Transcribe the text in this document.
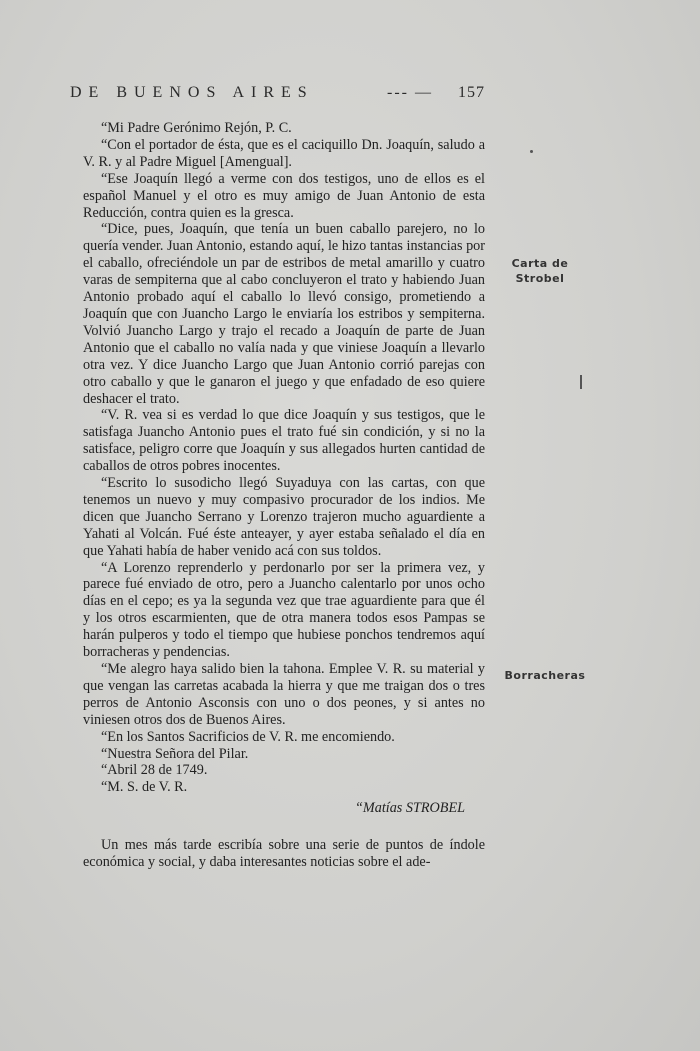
DE BUENOS AIRES	--- — 157

“Mi Padre Gerónimo Rejón, P. C.

“Con el portador de ésta, que es el caciquillo Dn. Joaquín, saludo a V. R. y al Padre Miguel [Amengual].

“Ese Joaquín llegó a verme con dos testigos, uno de ellos es el español Manuel y el otro es muy amigo de Juan Antonio de esta Reducción, contra quien es la gresca.

“Dice, pues, Joaquín, que tenía un buen caballo parejero, no lo quería vender. Juan Antonio, estando aquí, le hizo tantas instancias por el caballo, ofreciéndole un par de estribos de metal amarillo y cuatro varas de sempiterna que al cabo concluyeron el trato y habiendo Juan Antonio probado aquí el caballo lo llevó consigo, prometiendo a Joaquín que con Juancho Largo le enviaría los estribos y sempiterna. Volvió Juancho Largo y trajo el recado a Joaquín de parte de Juan Antonio que el caballo no valía nada y que viniese Joaquín a llevarlo otra vez. Y dice Juancho Largo que Juan Antonio corrió parejas con otro caballo y que le ganaron el juego y que enfadado de eso quiere deshacer el trato.

“V. R. vea si es verdad lo que dice Joaquín y sus testigos, que le satisfaga Juancho Antonio pues el trato fué sin condición, y si no la satisface, peligro corre que Joaquín y sus allegados hurten cantidad de caballos de otros pobres inocentes.

“Escrito lo susodicho llegó Suyaduya con las cartas, con que tenemos un nuevo y muy compasivo procurador de los indios. Me dicen que Juancho Serrano y Lorenzo trajeron mucho aguardiente a Yahati al Volcán. Fué éste anteayer, y ayer estaba señalado el día en que Yahati había de haber venido acá con sus toldos.

“A Lorenzo reprenderlo y perdonarlo por ser la primera vez, y parece fué enviado de otro, pero a Juancho calentarlo por unos ocho días en el cepo; es ya la segunda vez que trae aguardiente para que él y los otros escarmienten, que de otra manera todos esos Pampas se harán pulperos y todo el tiempo que hubiese ponchos tendremos aquí borracheras y pendencias.

“Me alegro haya salido bien la tahona. Emplee V. R. su material y que vengan las carretas acabada la hierra y que me traigan dos o tres perros de Antonio Asconsis con uno o dos peones, y si antes no viniesen otros dos de Buenos Aires.

“En los Santos Sacrificios de V. R. me encomiendo.

“Nuestra Señora del Pilar.

“Abril 28 de 1749.

“M. S. de V. R.

“Matías STROBEL

Un mes más tarde escribía sobre una serie de puntos de índole económica y social, y daba interesantes noticias sobre el ade-

Carta de
Strobel
Borracheras
